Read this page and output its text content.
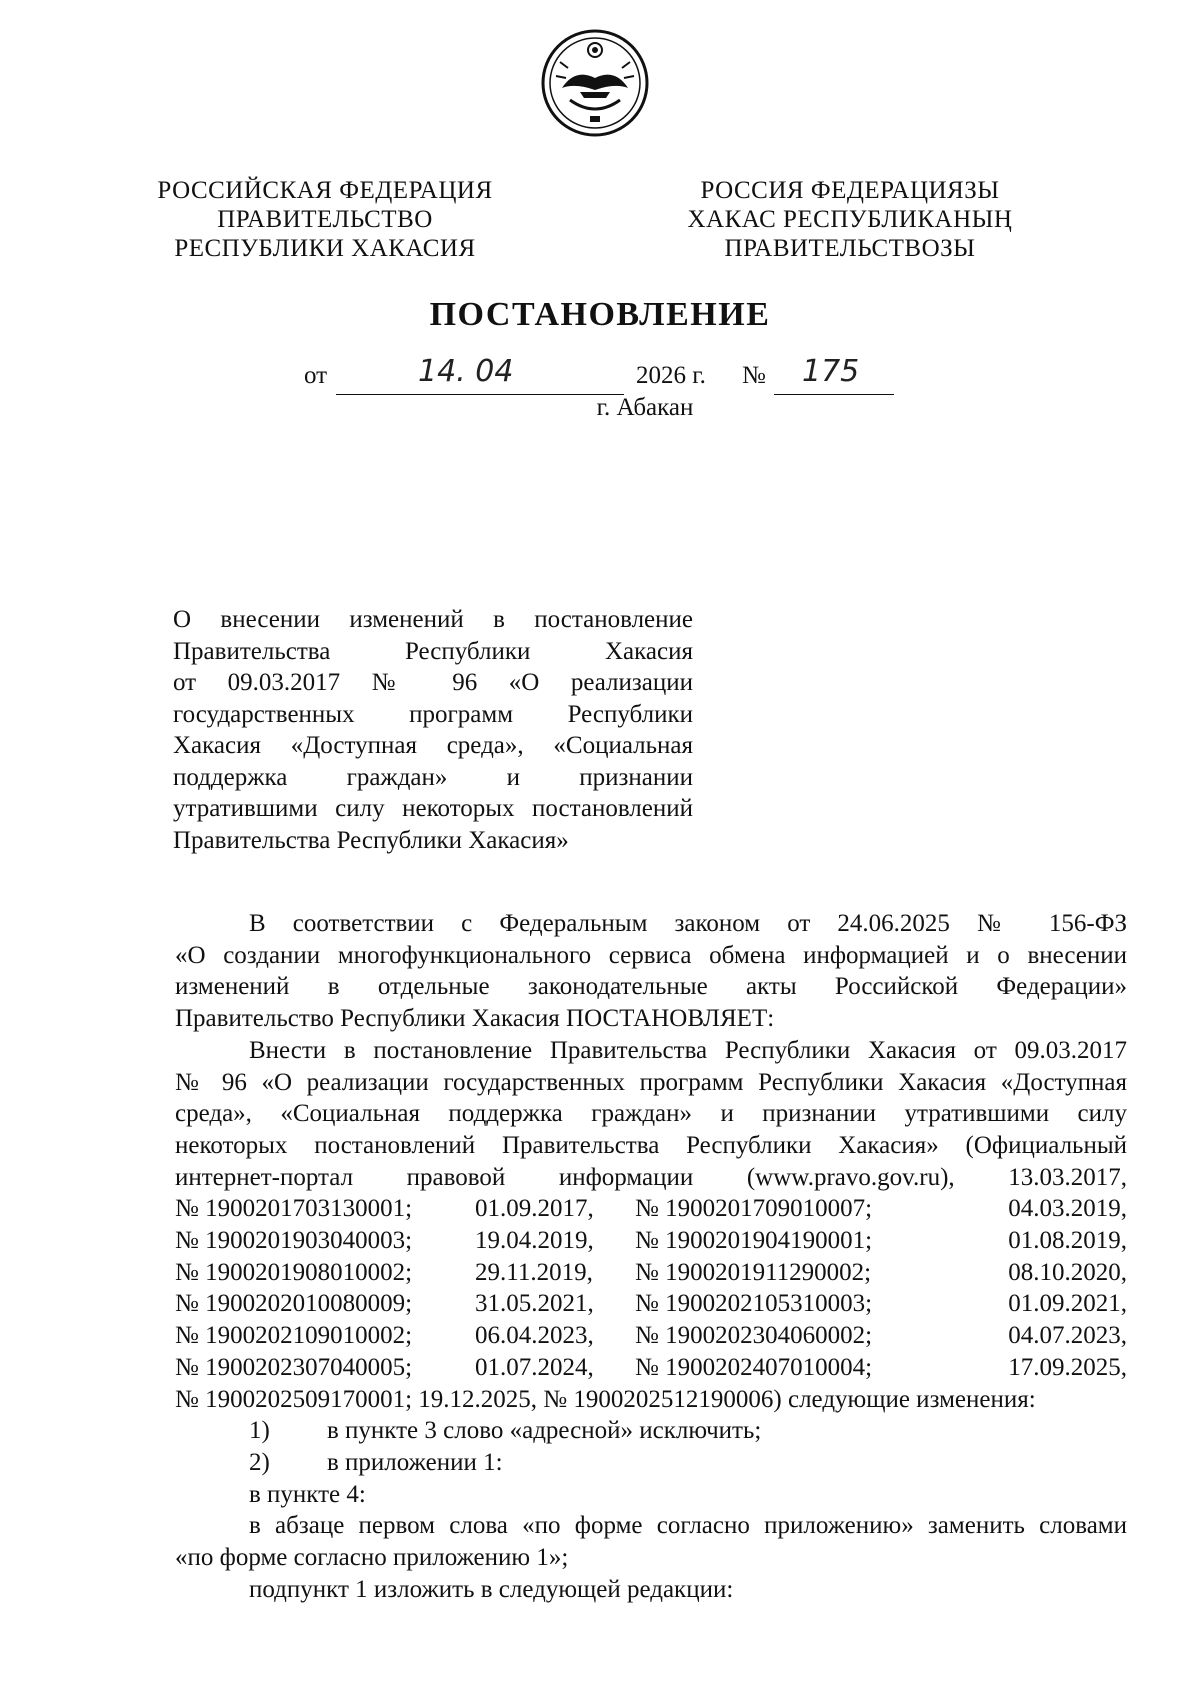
РОССИЙСКАЯ ФЕДЕРАЦИЯ
ПРАВИТЕЛЬСТВО
РЕСПУБЛИКИ ХАКАСИЯ
РОССИЯ ФЕДЕРАЦИЯЗЫ
ХАКАС РЕСПУБЛИКАНЫҢ
ПРАВИТЕЛЬСТВОЗЫ
ПОСТАНОВЛЕНИЕ
от	14. 04	2026 г. № 175
г. Абакан
О внесении изменений в постановление
Правительства Республики Хакасия
от 09.03.2017 № 96 «О реализации
государственных программ Республики
Хакасия «Доступная среда», «Социальная
поддержка граждан» и признании
утратившими силу некоторых постановлений
Правительства Республики Хакасия»
В соответствии с Федеральным законом от 24.06.2025 № 156-ФЗ
«О создании многофункционального сервиса обмена информацией и о внесении
изменений в отдельные законодательные акты Российской Федерации»
Правительство Республики Хакасия ПОСТАНОВЛЯЕТ:
Внести в постановление Правительства Республики Хакасия от 09.03.2017
№ 96 «О реализации государственных программ Республики Хакасия «Доступная
среда», «Социальная поддержка граждан» и признании утратившими силу
некоторых постановлений Правительства Республики Хакасия» (Официальный
интернет-портал правовой информации (www.pravo.gov.ru), 13.03.2017,
№ 1900201703130001;	01.09.2017,	№ 1900201709010007;	04.03.2019,
№ 1900201903040003;	19.04.2019,	№ 1900201904190001;	01.08.2019,
№ 1900201908010002;	29.11.2019,	№ 1900201911290002;	08.10.2020,
№ 1900202010080009;	31.05.2021,	№ 1900202105310003;	01.09.2021,
№ 1900202109010002;	06.04.2023,	№ 1900202304060002;	04.07.2023,
№ 1900202307040005;	01.07.2024,	№ 1900202407010004;	17.09.2025,
№ 1900202509170001; 19.12.2025, № 1900202512190006) следующие изменения:
1) в пункте 3 слово «адресной» исключить;
2) в приложении 1:
в пункте 4:
в абзаце первом слова «по форме согласно приложению» заменить словами
«по форме согласно приложению 1»;
подпункт 1 изложить в следующей редакции:
